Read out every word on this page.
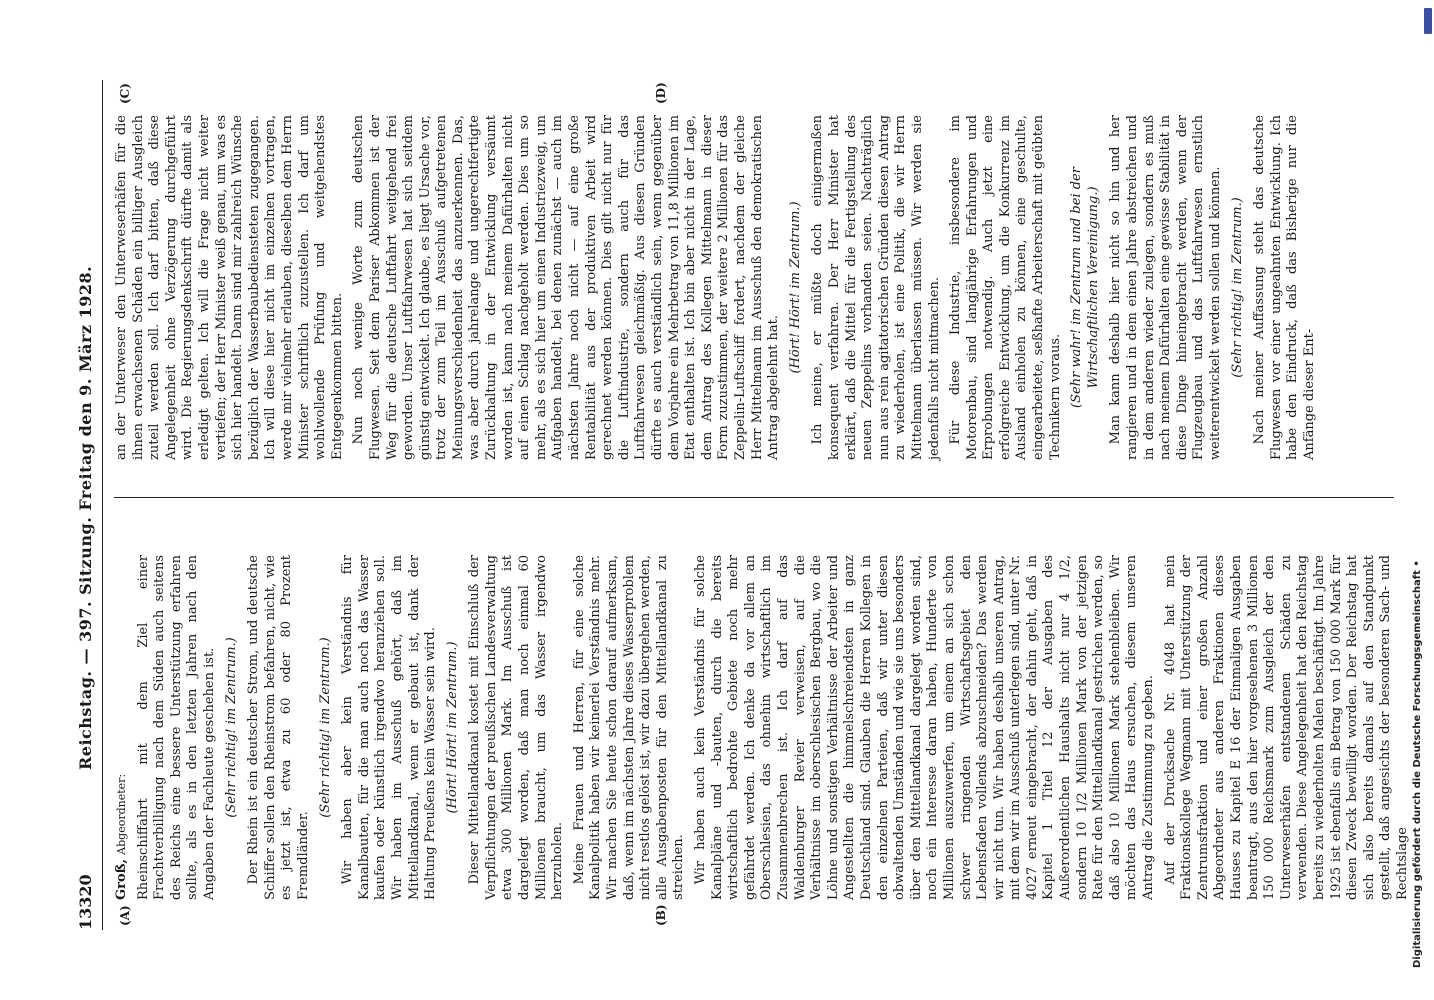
13320
Reichstag. — 397. Sitzung. Freitag den 9. März 1928.
(A)	(B)
(C)	(D)

Groß, Abgeordneter: Rheinschiffahrt mit dem Ziel einer Frachtverbilligung nach dem Süden auch seitens des Reichs eine bessere Unterstützung erfahren sollte, als es in den letzten Jahren nach den Angaben der Fachleute geschehen ist. (Sehr richtig! im Zentrum.) Der Rhein ist ein deutscher Strom, und deutsche Schiffer sollen den Rheinstrom befahren, nicht, wie es jetzt ist, etwa zu 60 oder 80 Prozent Fremdländer.

(Sehr richtig! im Zentrum.) Wir haben aber kein Verständnis für Kanalbauten, für die man auch noch das Wasser kaufen oder künstlich irgendwo heranziehen soll. Wir haben im Ausschuß gehört, daß im Mittellandkanal, wenn er gebaut ist, dank der Haltung Preußens kein Wasser sein wird. (Hört! Hört! im Zentrum.) Dieser Mittellandkanal kostet mit Einschluß der Verpflichtungen der preußischen Landesverwaltung etwa 300 Millionen Mark. Im Ausschuß ist dargelegt worden, daß man noch einmal 60 Millionen braucht, um das Wasser irgendwo herzuholen. Meine Frauen und Herren, für eine solche Kanalpolitik haben wir keinerlei Verständnis mehr. Wir machen Sie heute schon darauf aufmerksam, daß, wenn im nächsten Jahre dieses Wasserproblem nicht restlos gelöst ist, wir dazu übergehen werden, alle Ausgabenposten für den Mittellandkanal zu streichen. Wir haben auch kein Verständnis für solche Kanalpläne und -bauten, durch die bereits wirtschaftlich bedrohte Gebiete noch mehr gefährdet werden. Ich denke da vor allem an Oberschlesien, das ohnehin wirtschaftlich im Zusammenbrechen ist. Ich darf auf das Waldenburger Revier verweisen, auf die Verhältnisse im oberschlesischen Bergbau, wo die Löhne und sonstigen Verhältnisse der Arbeiter und Angestellten die himmelschreiendsten in ganz Deutschland sind. Glauben die Herren Kollegen in den einzelnen Parteien, daß wir unter diesen obwaltenden Umständen und wie sie uns besonders über den Mittellandkanal dargelegt worden sind, noch ein Interesse daran haben, Hunderte von Millionen auszuwerfen, um einem an sich schon schwer ringenden Wirtschaftsgebiet den Lebensfaden vollends abzuschneiden? Das werden wir nicht tun. Wir haben deshalb unseren Antrag, mit dem wir im Ausschuß unterlegen sind, unter Nr. 4027 erneut eingebracht, der dahin geht, daß in Kapitel 1 Titel 12 der Ausgaben des Außerordentlichen Haushalts nicht nur 4 1/2, sondern 10 1/2 Millionen Mark von der jetzigen Rate für den Mittellandkanal gestrichen werden, so daß also 10 Millionen Mark stehenbleiben. Wir möchten das Haus ersuchen, diesem unseren Antrag die Zustimmung zu geben. Auf der Drucksache Nr. 4048 hat mein Fraktionskollege Wegmann mit Unterstützung der Zentrumsfraktion und einer großen Anzahl Abgeordneter aus anderen Fraktionen dieses Hauses zu Kapitel E 16 der Einmaligen Ausgaben beantragt, aus den hier vorgesehenen 3 Millionen 150 000 Reichsmark zum Ausgleich der den Unterweserhäfen entstandenen Schäden zu verwenden. Diese Angelegenheit hat den Reichstag bereits zu wiederholten Malen beschäftigt. Im Jahre 1925 ist ebenfalls ein Betrag von 150 000 Mark für diesen Zweck bewilligt worden. Der Reichstag hat sich also bereits damals auf den Standpunkt gestellt, daß angesichts der besonderen Sach- und Rechtslage

an der Unterweser den Unterweserhäfen für die ihnen erwachsenen Schäden ein billiger Ausgleich zuteil werden soll. Ich darf bitten, daß diese Angelegenheit ohne Verzögerung durchgeführt wird. Die Regierungsdenkschrift dürfte damit als erledigt gelten. Ich will die Frage nicht weiter vertiefen; der Herr Minister weiß genau, um was es sich hier handelt. Dann sind mir zahlreich Wünsche bezüglich der Wasserbaubediensteten zugegangen. Ich will diese hier nicht im einzelnen vortragen, werde mir vielmehr erlauben, dieselben dem Herrn Minister schriftlich zuzustellen. Ich darf um wohlwollende Prüfung und weitgehendstes Entgegenkommen bitten. Nun noch wenige Worte zum deutschen Flugwesen. Seit dem Pariser Abkommen ist der Weg für die deutsche Luftfahrt weitgehend frei geworden. Unser Luftfahrwesen hat sich seitdem günstig entwickelt. Ich glaube, es liegt Ursache vor, trotz der zum Teil im Ausschuß aufgetretenen Meinungsverschiedenheit das anzuerkennen. Das, was aber durch jahrelange und ungerechtfertigte Zurückhaltung in der Entwicklung versäumt worden ist, kann nach meinem Dafürhalten nicht auf einen Schlag nachgeholt werden. Dies um so mehr, als es sich hier um einen Industriezweig, um Aufgaben handelt, bei denen zunächst — auch im nächsten Jahre noch nicht — auf eine große Rentabilität aus der produktiven Arbeit wird gerechnet werden können. Dies gilt nicht nur für die Luftindustrie, sondern auch für das Luftfahrwesen gleichmäßig. Aus diesen Gründen dürfte es auch verständlich sein, wenn gegenüber dem Vorjahre ein Mehrbetrag von 11,8 Millionen im Etat enthalten ist. Ich bin aber nicht in der Lage, dem Antrag des Kollegen Mittelmann in dieser Form zuzustimmen, der weitere 2 Millionen für das Zeppelin-Luftschiff fordert, nachdem der gleiche Herr Mittelmann im Ausschuß den demokratischen Antrag abgelehnt hat.

(Hört! Hört! im Zentrum.) Ich meine, er müßte doch einigermaßen konsequent verfahren. Der Herr Minister hat erklärt, daß die Mittel für die Fertigstellung des neuen Zeppelins vorhanden seien. Nachträglich nun aus rein agitatorischen Gründen diesen Antrag zu wiederholen, ist eine Politik, die wir Herrn Mittelmann überlassen müssen. Wir werden sie jedenfalls nicht mitmachen. Für diese Industrie, insbesondere im Motorenbau, sind langjährige Erfahrungen und Erprobungen notwendig. Auch jetzt eine erfolgreiche Entwicklung, um die Konkurrenz im Ausland einholen zu können, eine geschulte, eingearbeitete, seßhafte Arbeiterschaft mit geübten Technikern voraus. (Sehr wahr! im Zentrum und bei der Wirtschaftlichen Vereinigung.) Man kann deshalb hier nicht so hin und her rangieren und in dem einen Jahre abstreichen und in dem anderen wieder zulegen, sondern es muß nach meinem Dafürhalten eine gewisse Stabilität in diese Dinge hineingebracht werden, wenn der Flugzeugbau und das Luftfahrwesen ernstlich weiterentwickelt werden sollen und können. (Sehr richtig! im Zentrum.) Nach meiner Auffassung steht das deutsche Flugwesen vor einer ungeahnten Entwicklung. Ich habe den Eindruck, daß das Bisherige nur die Anfänge dieser Ent-

Digitalisierung gefördert durch die Deutsche Forschungsgemeinschaft •
